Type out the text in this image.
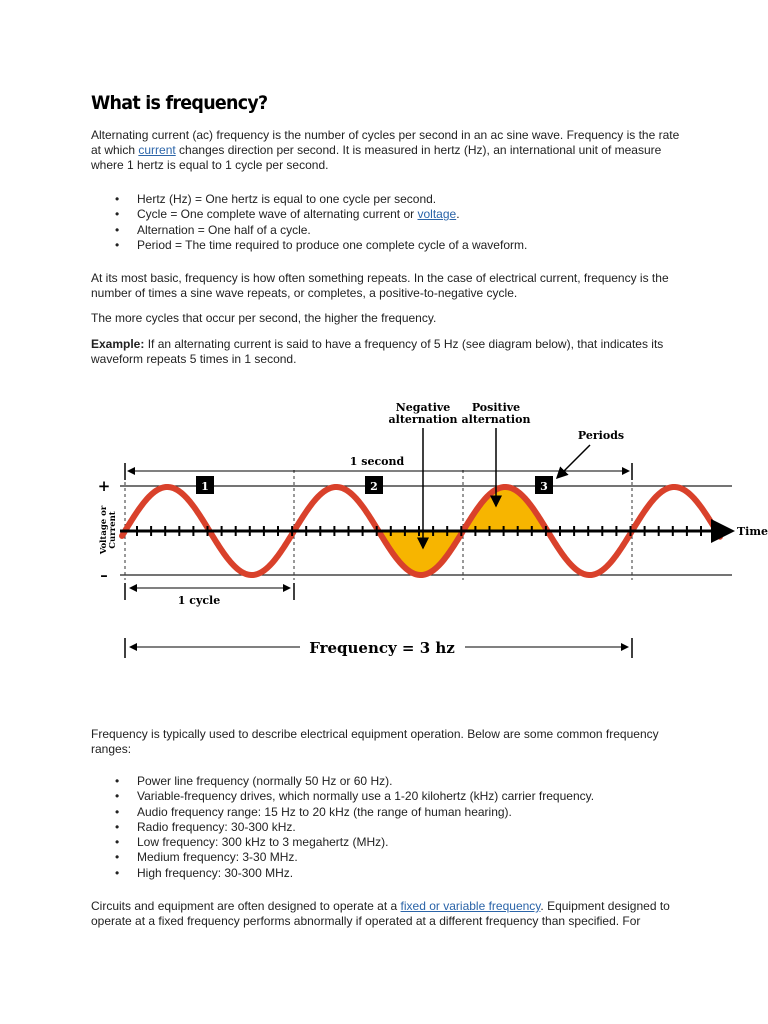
What is frequency?

Alternating current (ac) frequency is the number of cycles per second in an ac sine wave. Frequency is the rate at which current changes direction per second. It is measured in hertz (Hz), an international unit of measure where 1 hertz is equal to 1 cycle per second.

• Hertz (Hz) = One hertz is equal to one cycle per second.
• Cycle = One complete wave of alternating current or voltage.
• Alternation = One half of a cycle.
• Period = The time required to produce one complete cycle of a waveform.

At its most basic, frequency is how often something repeats. In the case of electrical current, frequency is the number of times a sine wave repeats, or completes, a positive-to-negative cycle.

The more cycles that occur per second, the higher the frequency.

Example: If an alternating current is said to have a frequency of 5 Hz (see diagram below), that indicates its waveform repeats 5 times in 1 second.

1 second
1	2	3
Negative
alternation
Positive
alternation
Periods
+
–
Voltage or Current	Time
1 cycle
Frequency = 3 hz

Frequency is typically used to describe electrical equipment operation. Below are some common frequency ranges:

• Power line frequency (normally 50 Hz or 60 Hz).
• Variable-frequency drives, which normally use a 1-20 kilohertz (kHz) carrier frequency.
• Audio frequency range: 15 Hz to 20 kHz (the range of human hearing).
• Radio frequency: 30-300 kHz.
• Low frequency: 300 kHz to 3 megahertz (MHz).
• Medium frequency: 3-30 MHz.
• High frequency: 30-300 MHz.

Circuits and equipment are often designed to operate at a fixed or variable frequency. Equipment designed to operate at a fixed frequency performs abnormally if operated at a different frequency than specified. For
